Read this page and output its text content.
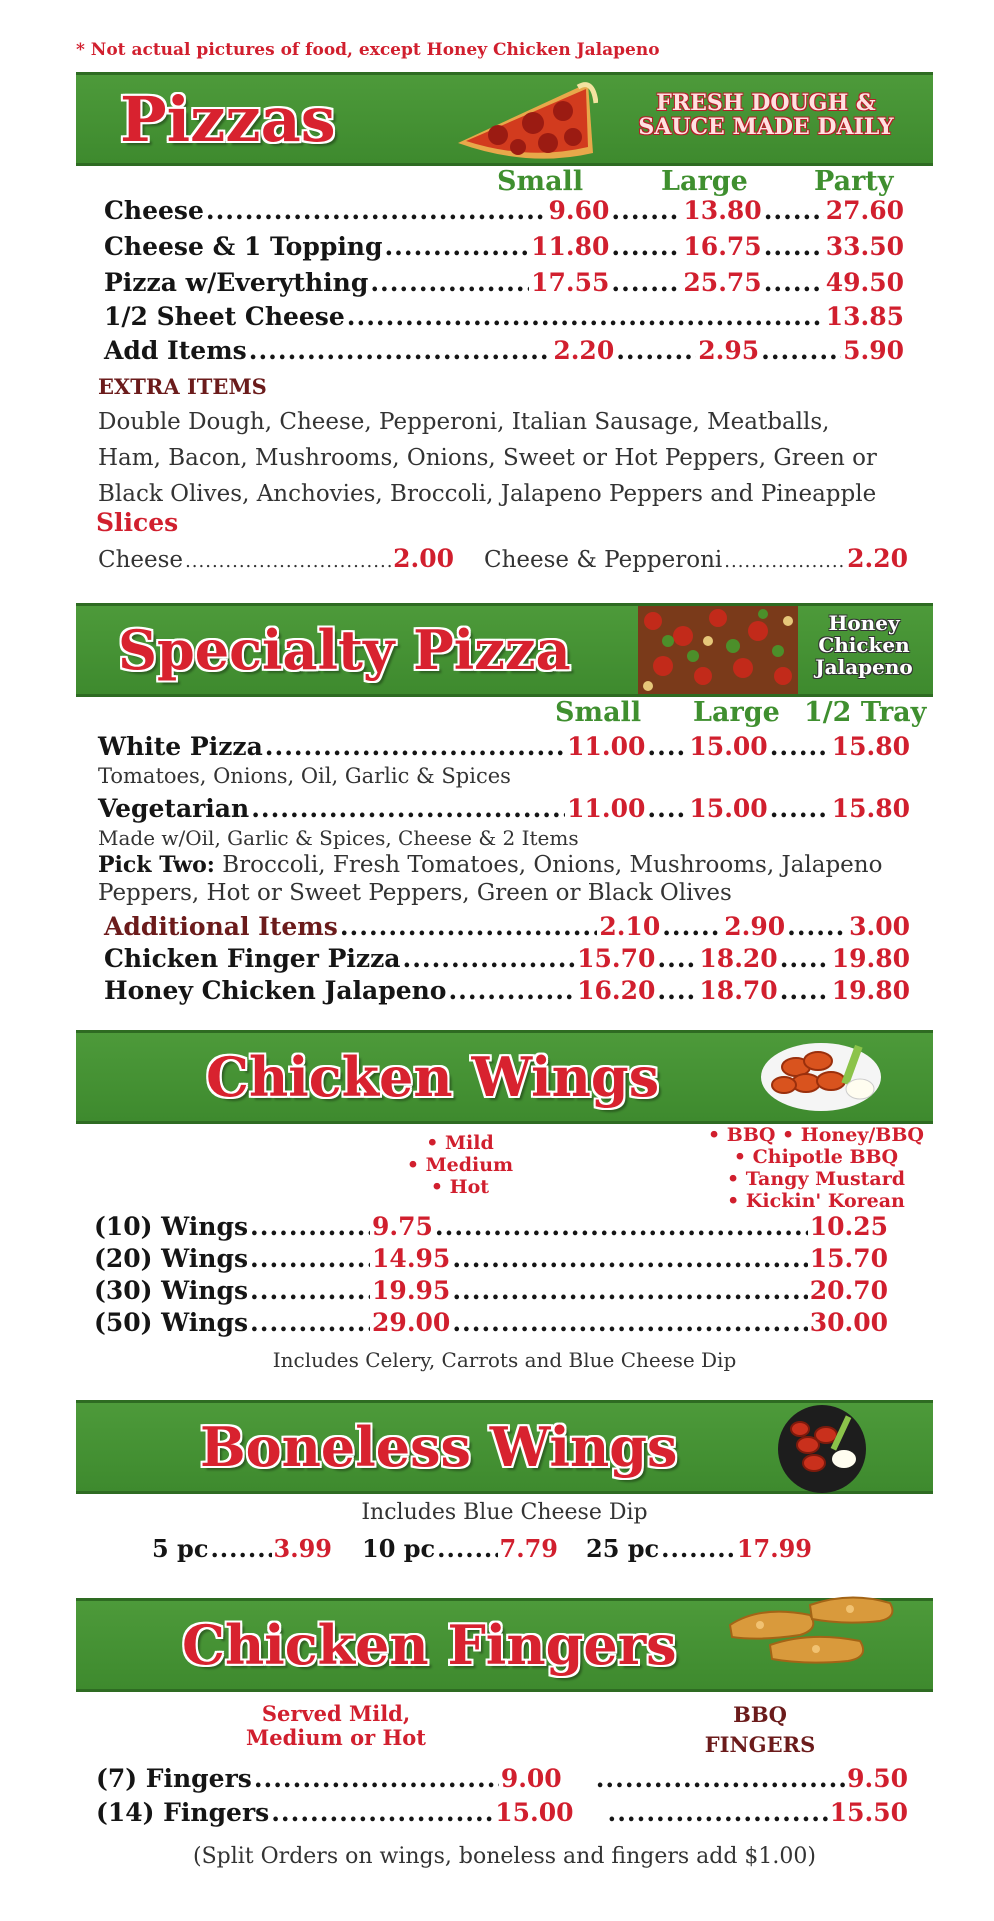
* Not actual pictures of food, except Honey Chicken Jalapeno
Pizzas	FRESH DOUGH &
SAUCE MADE DAILY
Small	Large Party
Cheese .....	9.60 .....	13.80 .....	27.60
Cheese & 1 Topping .....	11.80 .....	16.75 .....	33.50
Pizza w/Everything .....	17.55 .....	25.75 .....	49.50
1/2 Sheet Cheese .....	13.85
Add Items .....	2.20 .....	2.95 .....	5.90
EXTRA ITEMS
Double Dough, Cheese, Pepperoni, Italian Sausage, Meatballs, Ham, Bacon, Mushrooms, Onions, Sweet or Hot Peppers, Green or Black Olives, Anchovies, Broccoli, Jalapeno Peppers and Pineapple
Slices
Cheese .....	2.00 Cheese & Pepperoni .....	2.20
Specialty Pizza	Honey
Chicken
Jalapeno
Small Large 1/2 Tray
White Pizza .....	11.00 ..... 15.00 .....	15.80
Tomatoes, Onions, Oil, Garlic & Spices
Vegetarian .....	11.00 ..... 15.00 .....	15.80
Made w/Oil, Garlic & Spices, Cheese & 2 Items
Pick Two: Broccoli, Fresh Tomatoes, Onions, Mushrooms, Jalapeno
Peppers, Hot or Sweet Peppers, Green or Black Olives
Additional Items .....	2.10 .....	2.90 .....	3.00
Chicken Finger Pizza .....	15.70 ..... 18.20 ..... 19.80
Honey Chicken Jalapeno .....	16.20 ..... 18.70 ..... 19.80
Chicken Wings
• Mild
• Medium
• Hot
• BBQ • Honey/BBQ
• Chipotle BBQ
• Tangy Mustard
• Kickin' Korean
(10) Wings .....	9.75 .....	10.25
(20) Wings .....	14.95 .....	15.70
(30) Wings .....	19.95 .....	20.70
(50) Wings .....	29.00 .....	30.00
Includes Celery, Carrots and Blue Cheese Dip
Boneless Wings
Includes Blue Cheese Dip
5 pc .....	3.99 10 pc .....	7.79 25 pc .....	17.99
Chicken Fingers
Served Mild,
Medium or Hot
BBQ
FINGERS
(7) Fingers .....	9.00 .....	9.50
(14) Fingers .....	15.00 .....	15.50
(Split Orders on wings, boneless and fingers add $1.00)
